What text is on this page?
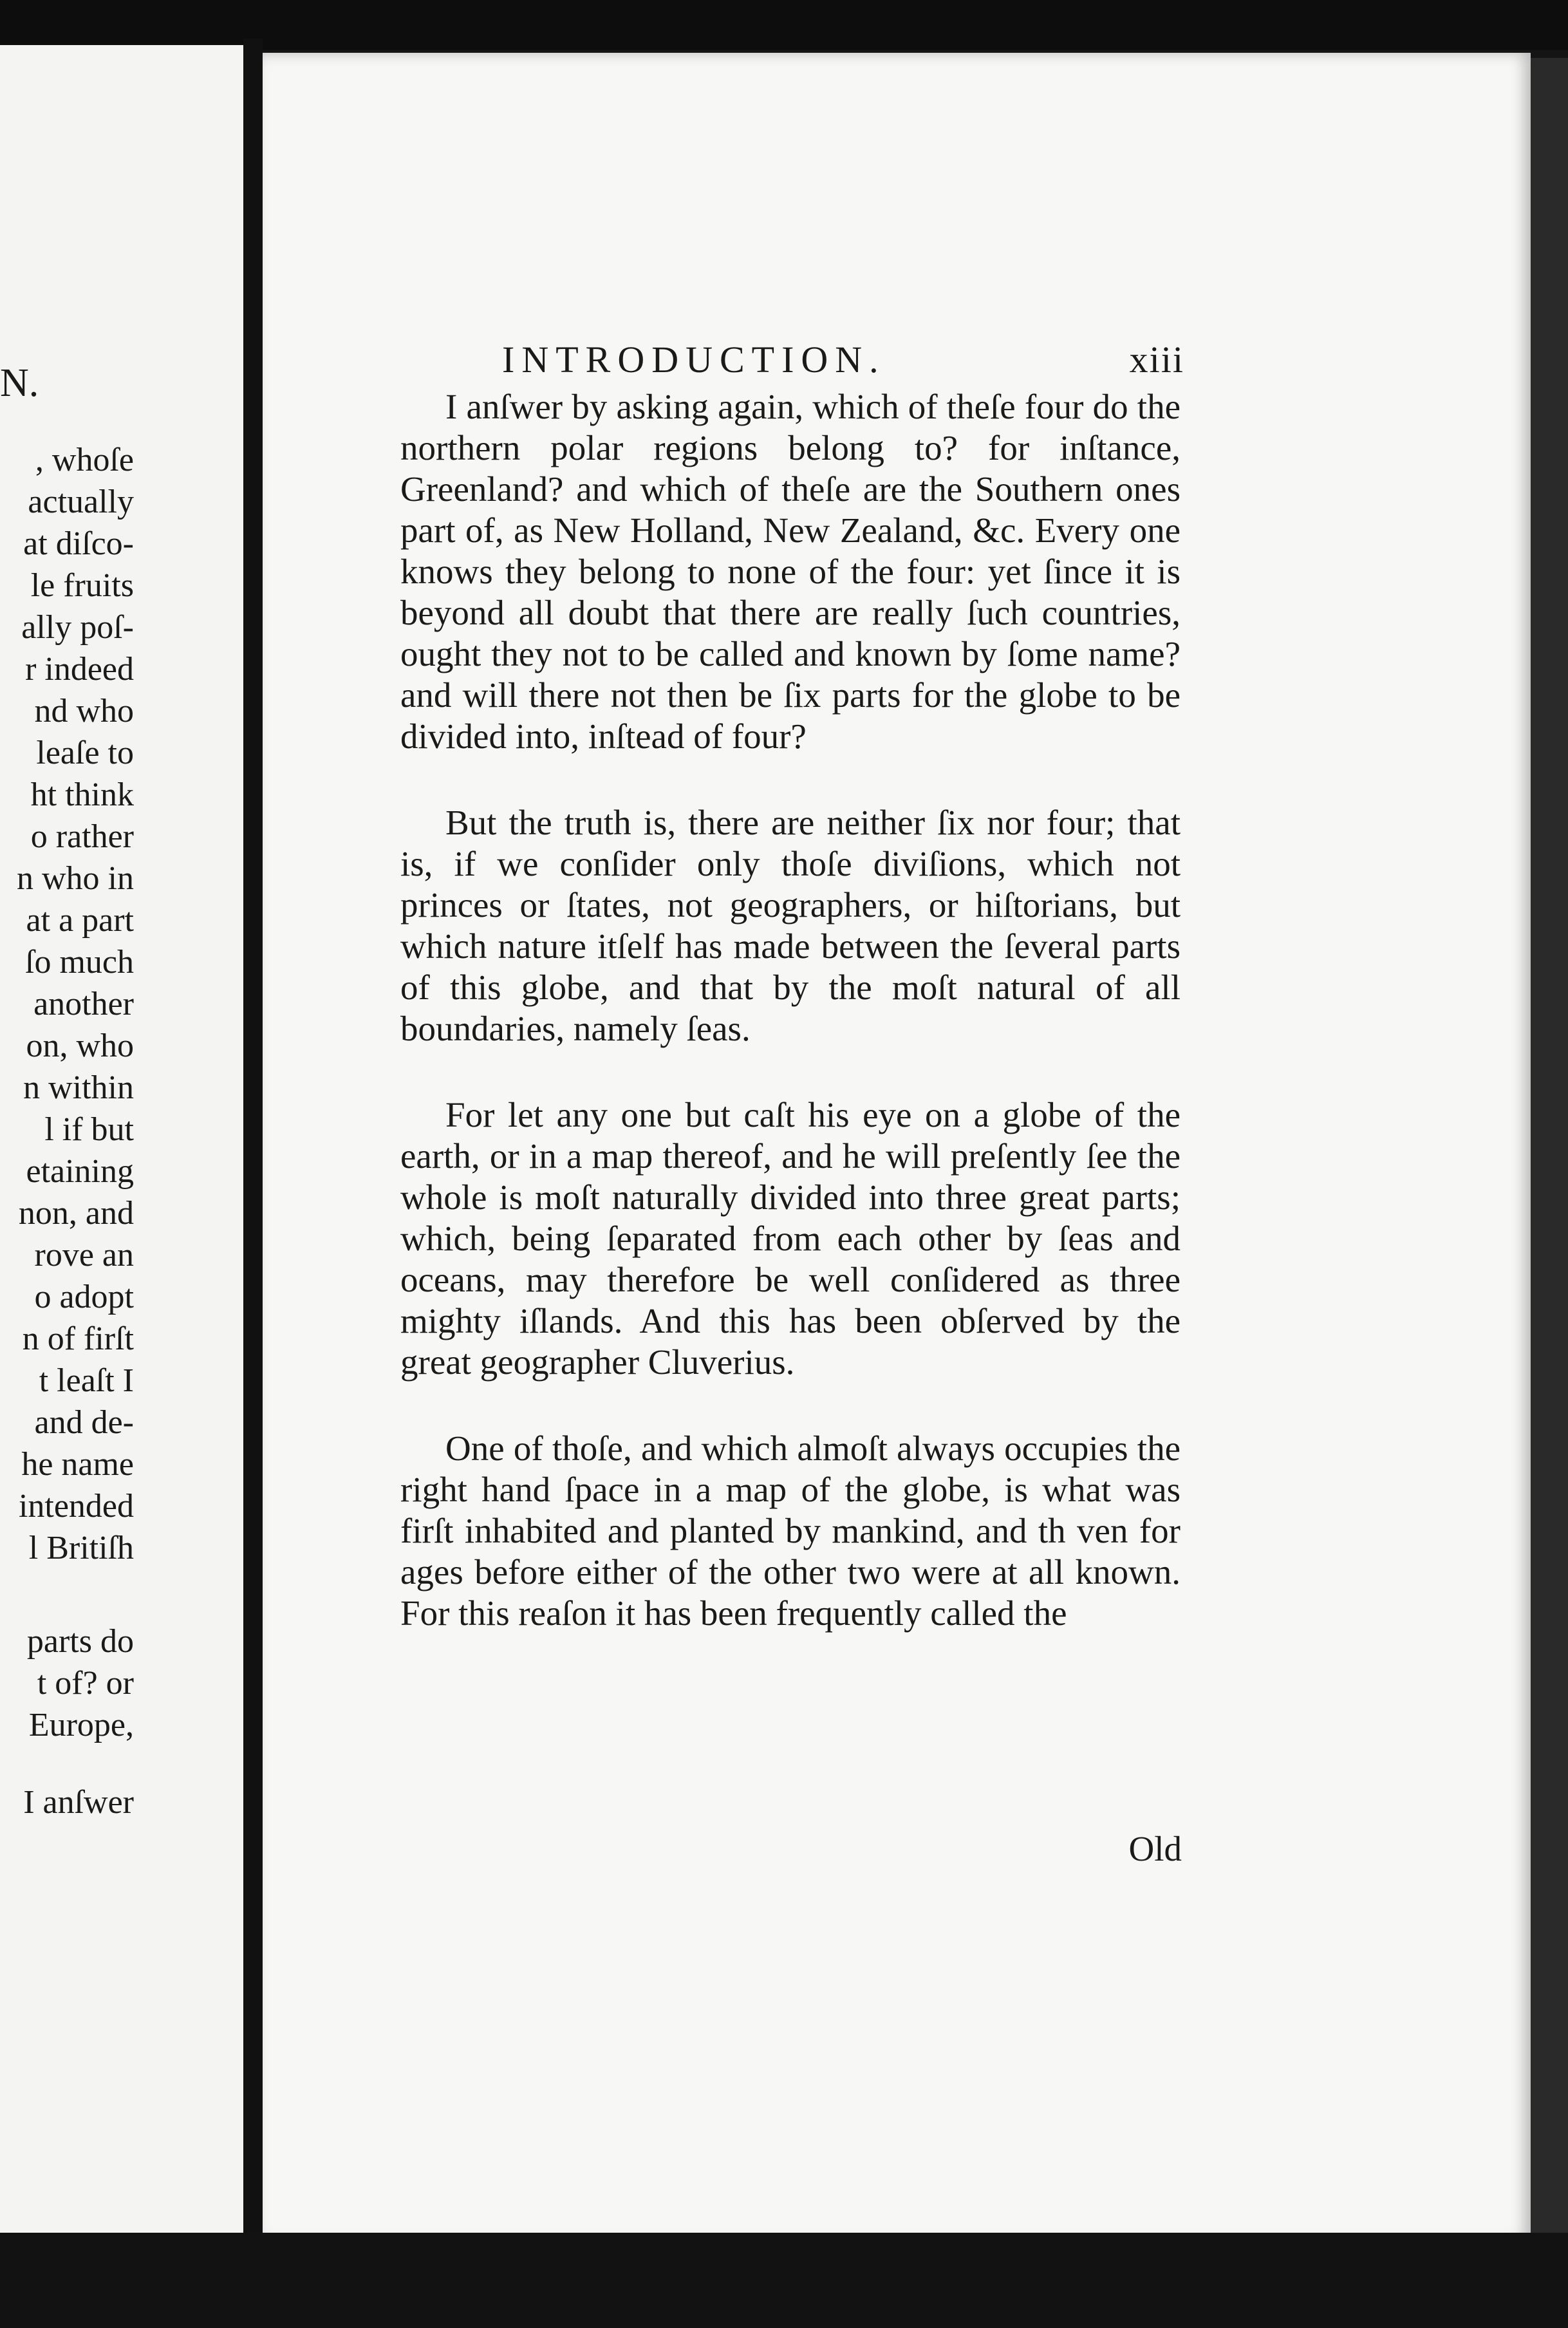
N.
, whoſe
actually
at diſco-
le fruits
ally poſ-
r indeed
nd who
leaſe to
ht think
o rather
n who in
at a part
ſo much
another
on, who
n within
l if but
etaining
non, and
rove an
o adopt
n of firſt
t leaſt I
and de-
he name
intended
l Britiſh
parts do
t of? or
Europe,
I anſwer
INTRODUCTION.	xiii

I anſwer by asking again, which of theſe four do the northern polar regions belong to? for inſtance, Greenland? and which of theſe are the Southern ones part of, as New Holland, New Zealand, &c. Every one knows they belong to none of the four: yet ſince it is beyond all doubt that there are really ſuch countries, ought they not to be called and known by ſome name? and will there not then be ſix parts for the globe to be divided into, inſtead of four?

But the truth is, there are neither ſix nor four; that is, if we conſider only thoſe diviſions, which not princes or ſtates, not geographers, or hiſtorians, but which nature itſelf has made between the ſeveral parts of this globe, and that by the moſt natural of all boundaries, namely ſeas.

For let any one but caſt his eye on a globe of the earth, or in a map thereof, and he will preſently ſee the whole is moſt naturally divided into three great parts; which, being ſeparated from each other by ſeas and oceans, may therefore be well conſidered as three mighty iſlands. And this has been obſerved by the great geographer Cluverius.

One of thoſe, and which almoſt always occupies the right hand ſpace in a map of the globe, is what was firſt inhabited and planted by mankind, and th ven for ages before either of the other two were at all known. For this reaſon it has been frequently called the

Old
